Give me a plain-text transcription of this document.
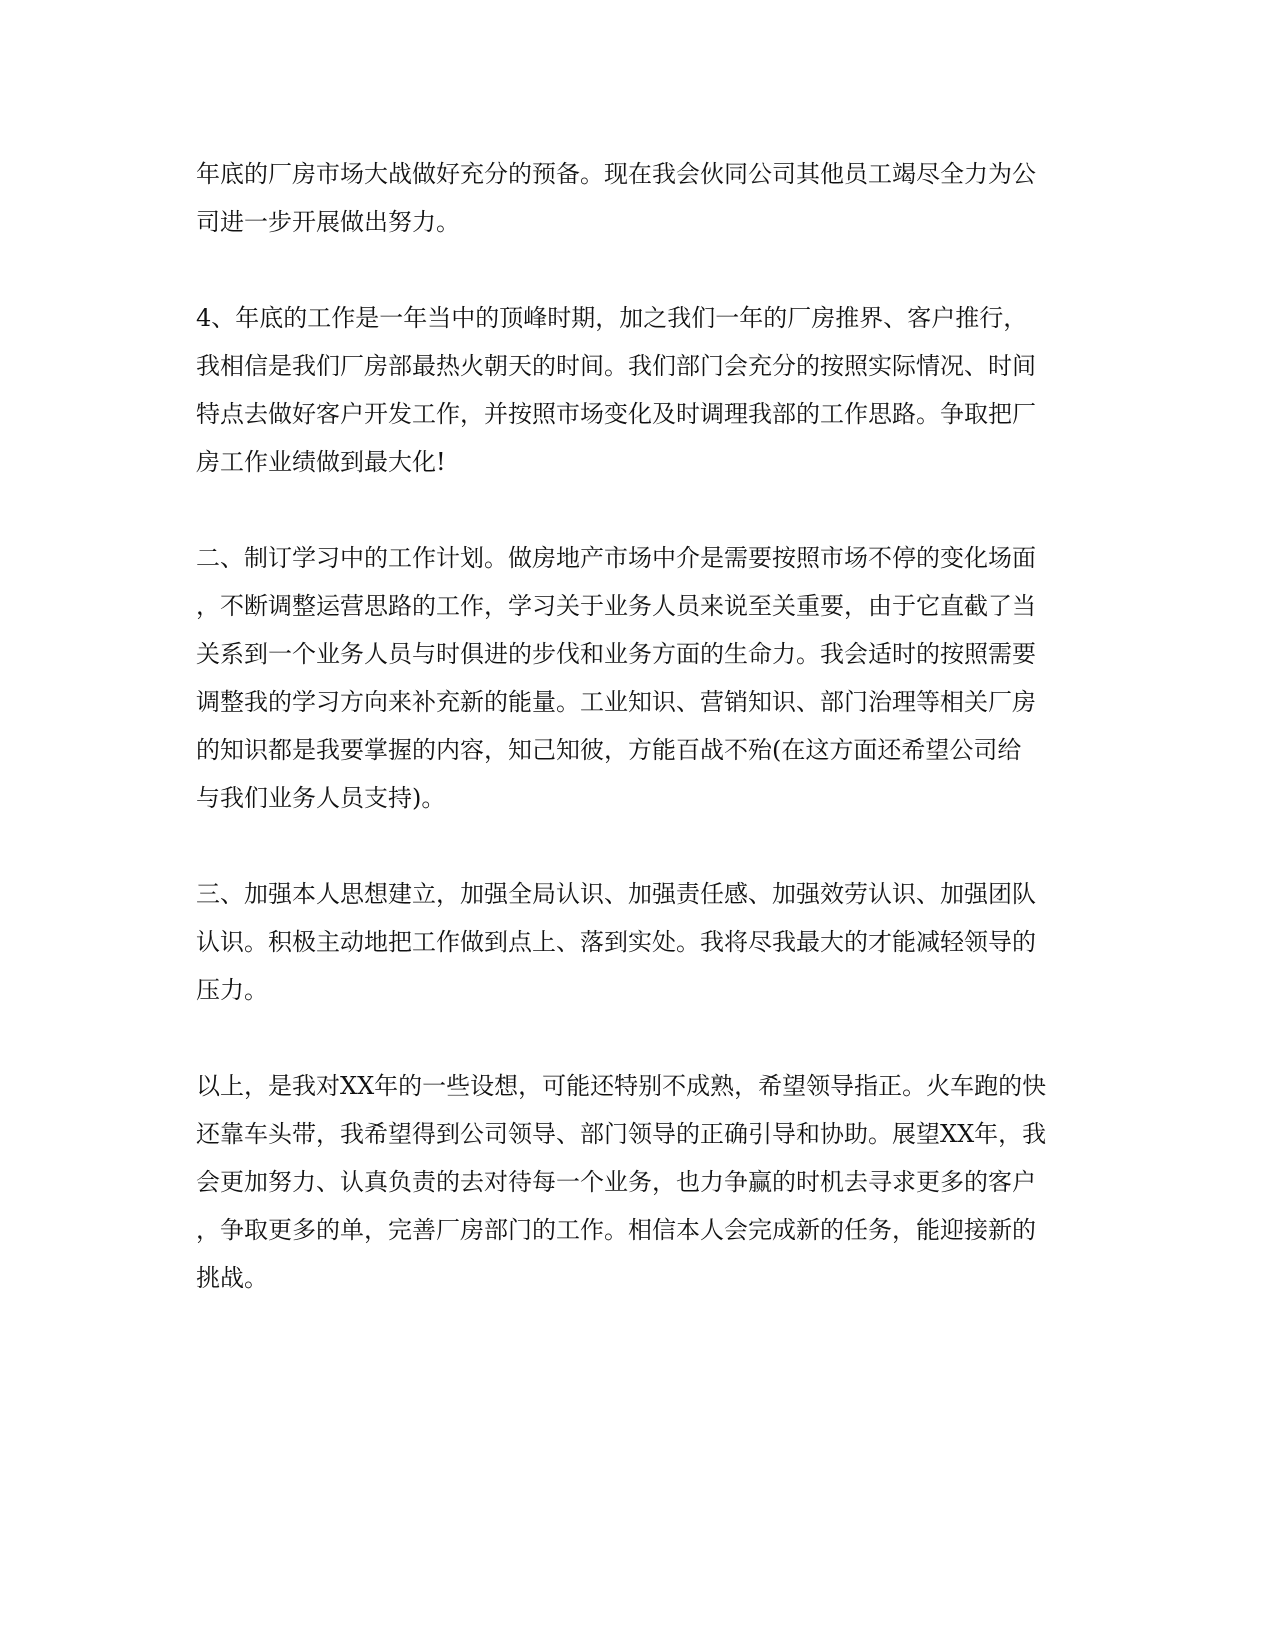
年底的厂房市场大战做好充分的预备。现在我会伙同公司其他员工竭尽全力为公
司进一步开展做出努力。
4、年底的工作是一年当中的顶峰时期，加之我们一年的厂房推界、客户推行，
我相信是我们厂房部最热火朝天的时间。我们部门会充分的按照实际情况、时间
特点去做好客户开发工作，并按照市场变化及时调理我部的工作思路。争取把厂
房工作业绩做到最大化!
二、制订学习中的工作计划。做房地产市场中介是需要按照市场不停的变化场面
，不断调整运营思路的工作，学习关于业务人员来说至关重要，由于它直截了当
关系到一个业务人员与时俱进的步伐和业务方面的生命力。我会适时的按照需要
调整我的学习方向来补充新的能量。工业知识、营销知识、部门治理等相关厂房
的知识都是我要掌握的内容，知己知彼，方能百战不殆(在这方面还希望公司给
与我们业务人员支持)。
三、加强本人思想建立，加强全局认识、加强责任感、加强效劳认识、加强团队
认识。积极主动地把工作做到点上、落到实处。我将尽我最大的才能减轻领导的
压力。
以上，是我对XX年的一些设想，可能还特别不成熟，希望领导指正。火车跑的快
还靠车头带，我希望得到公司领导、部门领导的正确引导和协助。展望XX年，我
会更加努力、认真负责的去对待每一个业务，也力争赢的时机去寻求更多的客户
，争取更多的单，完善厂房部门的工作。相信本人会完成新的任务，能迎接新的
挑战。
